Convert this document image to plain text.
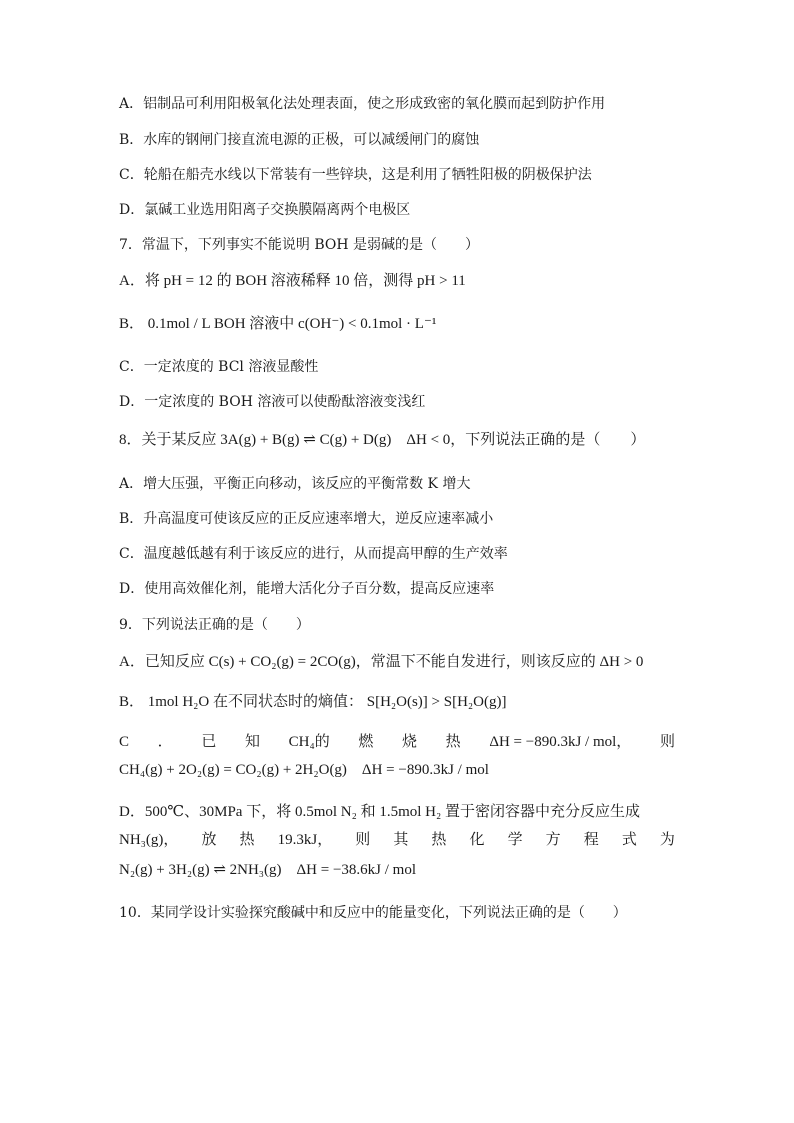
A．铝制品可利用阳极氧化法处理表面，使之形成致密的氧化膜而起到防护作用
B．水库的钢闸门接直流电源的正极，可以减缓闸门的腐蚀
C．轮船在船壳水线以下常装有一些锌块，这是利用了牺牲阳极的阴极保护法
D．氯碱工业选用阳离子交换膜隔离两个电极区
7．常温下，下列事实不能说明 BOH 是弱碱的是（　　）
A．将 pH = 12 的 BOH 溶液稀释 10 倍，测得 pH > 11
B． 0.1mol / L BOH 溶液中 c(OH⁻) < 0.1mol · L⁻¹
C．一定浓度的 BCl 溶液显酸性
D．一定浓度的 BOH 溶液可以使酚酞溶液变浅红
8．关于某反应 3A(g) + B(g) ⇌ C(g) + D(g)　ΔH < 0，下列说法正确的是（　　）
A．增大压强，平衡正向移动，该反应的平衡常数 K 增大
B．升高温度可使该反应的正反应速率增大，逆反应速率减小
C．温度越低越有利于该反应的进行，从而提高甲醇的生产效率
D．使用高效催化剂，能增大活化分子百分数，提高反应速率
9．下列说法正确的是（　　）
A．已知反应 C(s) + CO₂(g) = 2CO(g)，常温下不能自发进行，则该反应的 ΔH > 0
B． 1mol H₂O 在不同状态时的熵值： S[H₂O(s)] > S[H₂O(g)]
C ． 已 知 CH₄的 燃 烧 热 ΔH = −890.3kJ / mol， 则
CH₄(g) + 2O₂(g) = CO₂(g) + 2H₂O(g)　ΔH = −890.3kJ / mol
D．500℃、30MPa 下，将 0.5mol N₂ 和 1.5mol H₂ 置于密闭容器中充分反应生成
NH₃(g)， 放 热 19.3kJ， 则 其 热 化 学 方 程 式 为
N₂(g) + 3H₂(g) ⇌ 2NH₃(g)　ΔH = −38.6kJ / mol
10．某同学设计实验探究酸碱中和反应中的能量变化，下列说法正确的是（　　）
